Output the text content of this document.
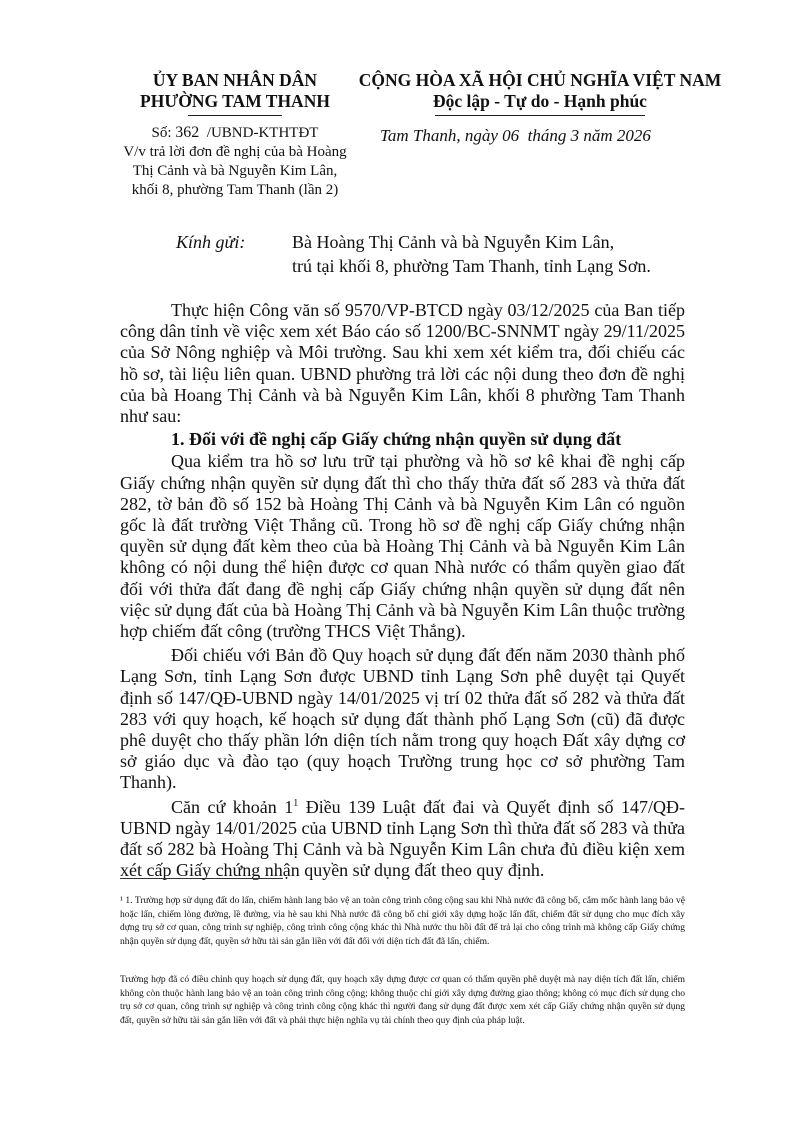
ỦY BAN NHÂN DÂN
PHƯỜNG TAM THANH
CỘNG HÒA XÃ HỘI CHỦ NGHĨA VIỆT NAM
Độc lập - Tự do - Hạnh phúc
Số: 362  /UBND-KTHTĐT
V/v trả lời đơn đề nghị của bà Hoàng Thị Cảnh và bà Nguyễn Kim Lân, khối 8, phường Tam Thanh (lần 2)
Tam Thanh, ngày 06  tháng 3 năm 2026
Kính gửi:	Bà Hoàng Thị Cảnh và bà Nguyễn Kim Lân,
trú tại khối 8, phường Tam Thanh, tỉnh Lạng Sơn.

Thực hiện Công văn số 9570/VP-BTCD ngày 03/12/2025 của Ban tiếp công dân tỉnh về việc xem xét Báo cáo số 1200/BC-SNNMT ngày 29/11/2025 của Sở Nông nghiệp và Môi trường. Sau khi xem xét kiểm tra, đối chiếu các hồ sơ, tài liệu liên quan. UBND phường trả lời các nội dung theo đơn đề nghị của bà Hoang Thị Cảnh và bà Nguyễn Kim Lân, khối 8 phường Tam Thanh như sau:

1. Đối với đề nghị cấp Giấy chứng nhận quyền sử dụng đất

Qua kiểm tra hồ sơ lưu trữ tại phường và hồ sơ kê khai đề nghị cấp Giấy chứng nhận quyền sử dụng đất thì cho thấy thửa đất số 283 và thửa đất 282, tờ bản đồ số 152 bà Hoàng Thị Cảnh và bà Nguyễn Kim Lân có nguồn gốc là đất trường Việt Thắng cũ. Trong hồ sơ đề nghị cấp Giấy chứng nhận quyền sử dụng đất kèm theo của bà Hoàng Thị Cảnh và bà Nguyễn Kim Lân không có nội dung thể hiện được cơ quan Nhà nước có thẩm quyền giao đất đối với thửa đất đang đề nghị cấp Giấy chứng nhận quyền sử dụng đất nên việc sử dụng đất của bà Hoàng Thị Cảnh và bà Nguyễn Kim Lân thuộc trường hợp chiếm đất công (trường THCS Việt Thắng).

Đối chiếu với Bản đồ Quy hoạch sử dụng đất đến năm 2030 thành phố Lạng Sơn, tỉnh Lạng Sơn được UBND tỉnh Lạng Sơn phê duyệt tại Quyết định số 147/QĐ-UBND ngày 14/01/2025 vị trí 02 thửa đất số 282 và thửa đất 283 với quy hoạch, kế hoạch sử dụng đất thành phố Lạng Sơn (cũ) đã được phê duyệt cho thấy phần lớn diện tích nằm trong quy hoạch Đất xây dựng cơ sở giáo dục và đào tạo (quy hoạch Trường trung học cơ sở phường Tam Thanh).

Căn cứ khoản 1$^1$ Điều 139 Luật đất đai và Quyết định số 147/QĐ-UBND ngày 14/01/2025 của UBND tỉnh Lạng Sơn thì thửa đất số 283 và thửa đất số 282 bà Hoàng Thị Cảnh và bà Nguyễn Kim Lân chưa đủ điều kiện xem xét cấp Giấy chứng nhận quyền sử dụng đất theo quy định.

¹ 1. Trường hợp sử dụng đất do lấn, chiếm hành lang bảo vệ an toàn công trình công cộng sau khi Nhà nước đã công bố, cắm mốc hành lang bảo vệ hoặc lấn, chiếm lòng đường, lề đường, vỉa hè sau khi Nhà nước đã công bố chỉ giới xây dựng hoặc lấn đất, chiếm đất sử dụng cho mục đích xây dựng trụ sở cơ quan, công trình sự nghiệp, công trình công cộng khác thì Nhà nước thu hồi đất để trả lại cho công trình mà không cấp Giấy chứng nhận quyền sử dụng đất, quyền sở hữu tài sản gắn liền với đất đối với diện tích đất đã lấn, chiếm.

Trường hợp đã có điều chỉnh quy hoạch sử dụng đất, quy hoạch xây dựng được cơ quan có thẩm quyền phê duyệt mà nay diện tích đất lấn, chiếm không còn thuộc hành lang bảo vệ an toàn công trình công cộng; không thuộc chỉ giới xây dựng đường giao thông; không có mục đích sử dụng cho trụ sở cơ quan, công trình sự nghiệp và công trình công cộng khác thì người đang sử dụng đất được xem xét cấp Giấy chứng nhận quyền sử dụng đất, quyền sở hữu tài sản gắn liền với đất và phải thực hiện nghĩa vụ tài chính theo quy định của pháp luật.
